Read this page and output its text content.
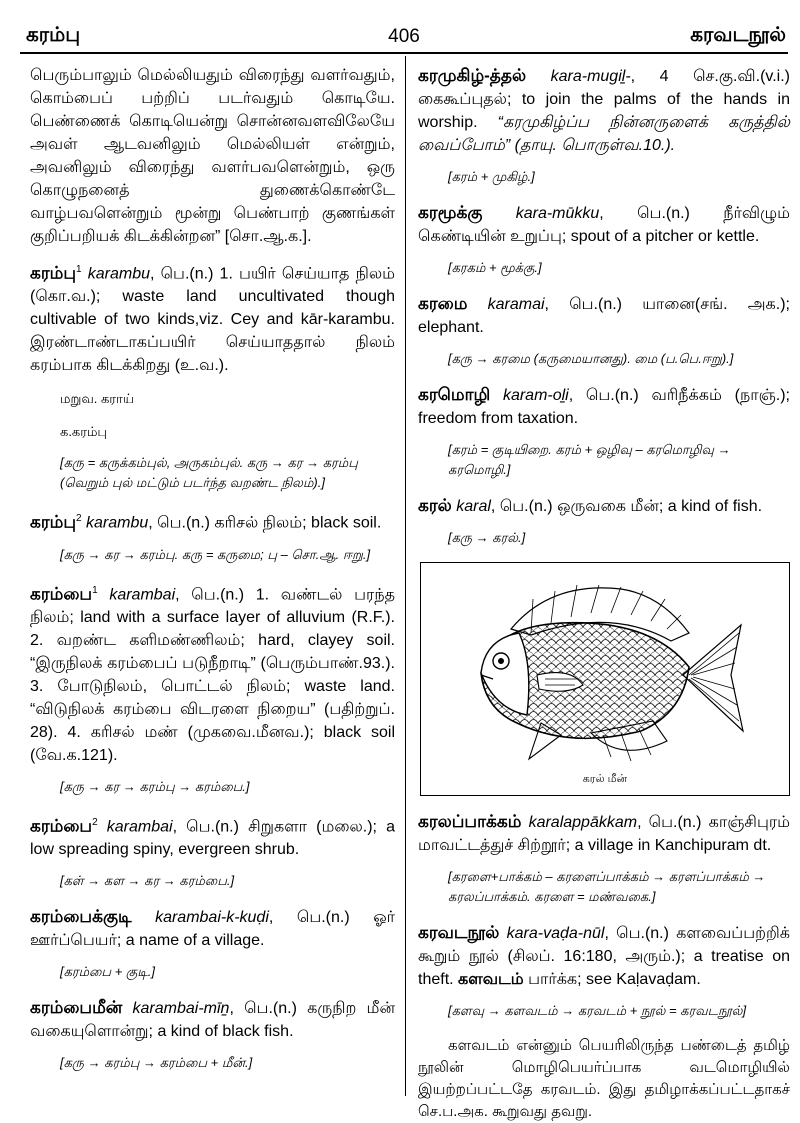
கரம்பு	406	கரவடநூல்

பெரும்பாலும் மெல்லியதும் விரைந்து வளர்வதும், கொம்பைப் பற்றிப் படர்வதும் கொடியே. பெண்ணைக் கொடியென்று சொன்னவளவிலேயே அவள் ஆடவனிலும் மெல்லியள் என்றும், அவனிலும் விரைந்து வளர்பவளென்றும், ஒரு கொழுநனைத் துணைக்கொண்டே வாழ்பவளென்றும் மூன்று பெண்பாற் குணங்கள் குறிப்பறியக் கிடக்கின்றன” [சொ.ஆ.க.].

கரம்பு$^1$ karambu, பெ.(n.) 1. பயிர் செய்யாத நிலம் (கொ.வ.); waste land uncultivated though cultivable of two kinds,viz. Cey and kār-karambu. இரண்டாண்டாகப்பயிர் செய்யாததால் நிலம் கரம்பாக கிடக்கிறது (உ.வ.).

மறுவ. கராய்
க.கரம்பு
[கரு = கருக்கம்புல், அருகம்புல். கரு → கர → கரம்பு (வெறும் புல் மட்டும் படர்ந்த வறண்ட நிலம்).]

கரம்பு$^2$ karambu, பெ.(n.) கரிசல் நிலம்; black soil.

[கரு → கர → கரம்பு. கரு = கருமை; பு – சொ.ஆ. ஈறு.]

கரம்பை$^1$ karambai, பெ.(n.) 1. வண்டல் பரந்த நிலம்; land with a surface layer of alluvium (R.F.). 2. வறண்ட களிமண்ணிலம்; hard, clayey soil. “இருநிலக் கரம்பைப் படுநீறாடி” (பெரும்பாண்.93.). 3. போடுநிலம், பொட்டல் நிலம்; waste land. “விடுநிலக் கரம்பை விடரளை நிறைய” (பதிற்றுப். 28). 4. கரிசல் மண் (முகவை.மீனவ.); black soil (வே.க.121).

[கரு → கர → கரம்பு → கரம்பை.]

கரம்பை$^2$ karambai, பெ.(n.) சிறுகளா (மலை.); a low spreading spiny, evergreen shrub.

[கள் → கள → கர → கரம்பை.]

கரம்பைக்குடி karambai-k-kuḍi, பெ.(n.) ஓர் ஊர்ப்பெயர்; a name of a village.

[கரம்பை + குடி.]

கரம்பைமீன் karambai-mīṉ, பெ.(n.) கருநிற மீன் வகையுளொன்று; a kind of black fish.

[கரு → கரம்பு → கரம்பை + மீன்.]

கரமுகிழ்-த்தல் kara-mugiḻ-, 4 செ.கு.வி.(v.i.) கைகூப்புதல்; to join the palms of the hands in worship. “கரமுகிழ்ப்ப நின்னருளைக் கருத்தில் வைப்போம்” (தாயு. பொருள்வ.10.).

[கரம் + முகிழ்.]

கரமூக்கு kara-mūkku, பெ.(n.) நீர்விழும் கெண்டியின் உறுப்பு; spout of a pitcher or kettle.

[கரகம் + மூக்கு.]

கரமை karamai, பெ.(n.) யானை(சங். அக.); elephant.

[கரு → கரமை (கருமையானது). மை (ப.பெ.ஈறு).]

கரமொழி karam-oḻi, பெ.(n.) வரிநீக்கம் (நாஞ்.); freedom from taxation.

[கரம் = குடியிறை. கரம் + ஒழிவு – கரமொழிவு → கரமொழி.]

கரல் karal, பெ.(n.) ஒருவகை மீன்; a kind of fish.

[கரு → கரல்.]
கரல் மீன்

கரலப்பாக்கம் karalappākkam, பெ.(n.) காஞ்சிபுரம் மாவட்டத்துச் சிற்றூர்; a village in Kanchipuram dt.

[கரளை+பாக்கம் – கரளைப்பாக்கம் → கரளப்பாக்கம் → கரலப்பாக்கம். கரளை = மண்வகை.]

கரவடநூல் kara-vaḍa-nūl, பெ.(n.) களவைப்பற்றிக் கூறும் நூல் (சிலப். 16:180, அரும்.); a treatise on theft. களவடம் பார்க்க; see Kaḷavaḍam.

[களவு → களவடம் → கரவடம் + நூல் = கரவடநூல்]

களவடம் என்னும் பெயரிலிருந்த பண்டைத் தமிழ் நூலின் மொழிபெயர்ப்பாக வடமொழியில் இயற்றப்பட்டதே கரவடம். இது தமிழாக்கப்பட்டதாகச் செ.ப.அக. கூறுவது தவறு.
